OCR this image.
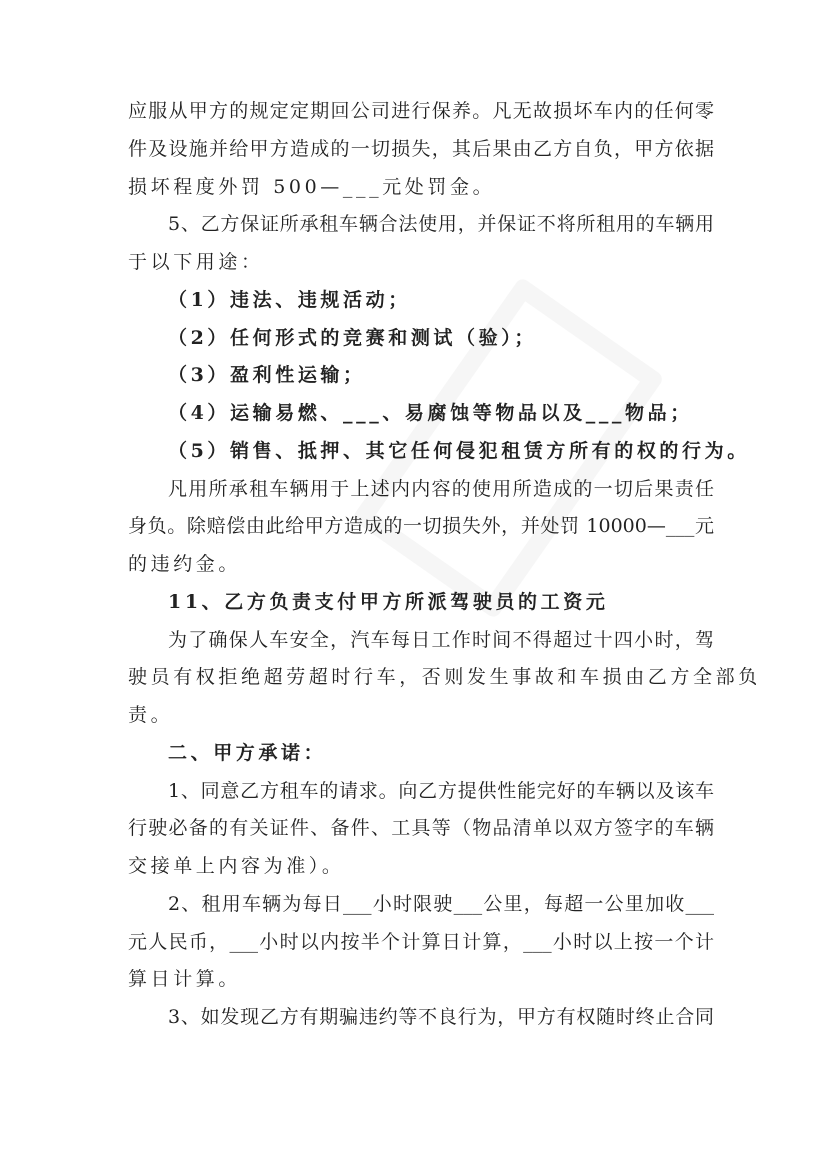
应服从甲方的规定定期回公司进行保养。凡无故损坏车内的任何零
件及设施并给甲方造成的一切损失，其后果由乙方自负，甲方依据
损坏程度外罚 500—___元处罚金。
5、乙方保证所承租车辆合法使用，并保证不将所租用的车辆用
于以下用途：
（1）违法、违规活动；
（2）任何形式的竞赛和测试（验）；
（3）盈利性运输；
（4）运输易燃、___、易腐蚀等物品以及___物品；
（5）销售、抵押、其它任何侵犯租赁方所有的权的行为。
凡用所承租车辆用于上述内内容的使用所造成的一切后果责任
身负。除赔偿由此给甲方造成的一切损失外，并处罚 10000—___元
的违约金。
11、乙方负责支付甲方所派驾驶员的工资元
为了确保人车安全，汽车每日工作时间不得超过十四小时，驾
驶员有权拒绝超劳超时行车，否则发生事故和车损由乙方全部负
责。
二、甲方承诺：
1、同意乙方租车的请求。向乙方提供性能完好的车辆以及该车
行驶必备的有关证件、备件、工具等（物品清单以双方签字的车辆
交接单上内容为准）。
2、租用车辆为每日___小时限驶___公里，每超一公里加收___
元人民币，___小时以内按半个计算日计算，___小时以上按一个计
算日计算。
3、如发现乙方有期骗违约等不良行为，甲方有权随时终止合同
